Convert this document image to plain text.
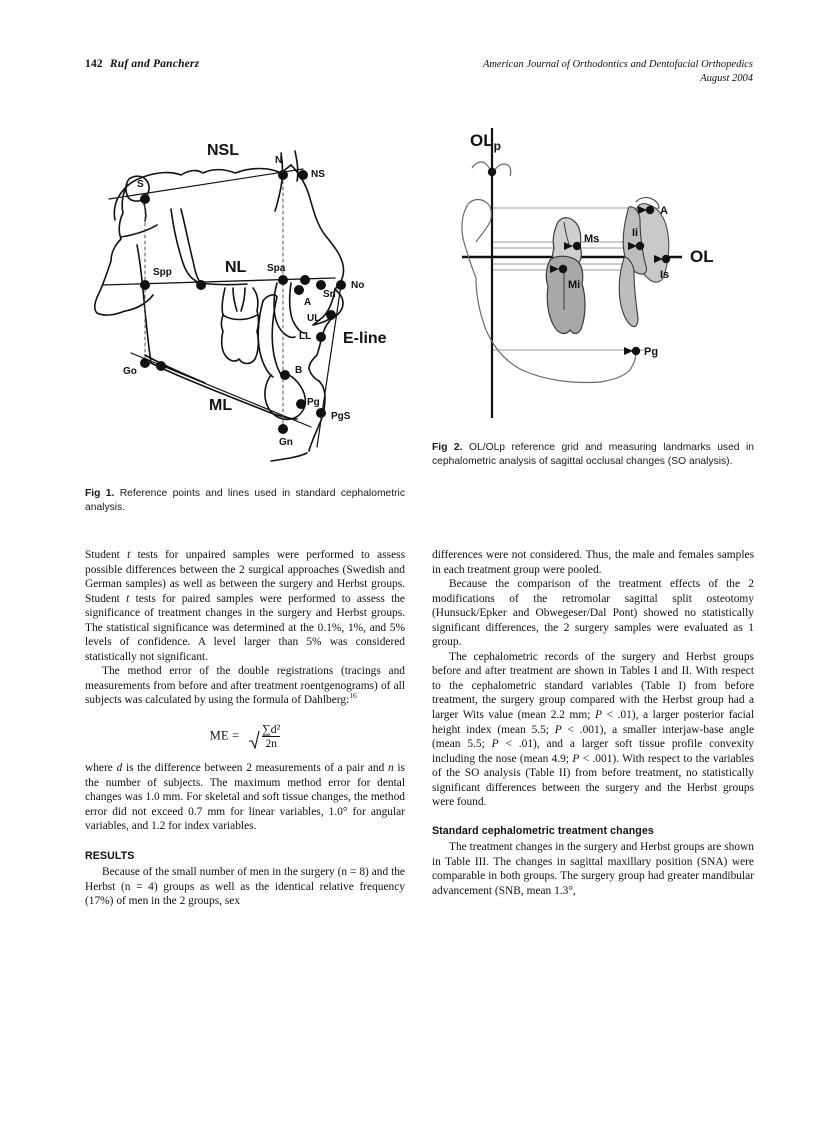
142 Ruf and Pancherz	American Journal of Orthodontics and Dentofacial Orthopedics
August 2004
S
N
NS
NSL
Spp	NL Spa
Sn
A
No
UL
LL E-line
Go
ML
B
Pg
PgS
Gn
Fig 1. Reference points and lines used in standard cephalometric analysis.
$OL_p$
OL
A
Ms
Mi
Ii
Is
Pg
Fig 2. OL/OLp reference grid and measuring landmarks used in cephalometric analysis of sagittal occlusal changes (SO analysis).

Student t tests for unpaired samples were performed to assess possible differences between the 2 surgical approaches (Swedish and German samples) as well as between the surgery and Herbst groups. Student t tests for paired samples were performed to assess the significance of treatment changes in the surgery and Herbst groups. The statistical significance was determined at the 0.1%, 1%, and 5% levels of confidence. A level larger than 5% was considered statistically not significant.

The method error of the double registrations (tracings and measurements from before and after treatment roentgenograms) of all subjects was calculated by using the formula of Dahlberg:$^{16}$

ME = $\frac{\text{∑d²}}{2n}$

where d is the difference between 2 measurements of a pair and n is the number of subjects. The maximum method error for dental changes was 1.0 mm. For skeletal and soft tissue changes, the method error did not exceed 0.7 mm for linear variables, 1.0° for angular variables, and 1.2 for index variables.

RESULTS

Because of the small number of men in the surgery (n = 8) and the Herbst (n = 4) groups as well as the identical relative frequency (17%) of men in the 2 groups, sex

differences were not considered. Thus, the male and females samples in each treatment group were pooled.

Because the comparison of the treatment effects of the 2 modifications of the retromolar sagittal split osteotomy (Hunsuck/Epker and Obwegeser/Dal Pont) showed no statistically significant differences, the 2 surgery samples were evaluated as 1 group.

The cephalometric records of the surgery and Herbst groups before and after treatment are shown in Tables I and II. With respect to the cephalometric standard variables (Table I) from before treatment, the surgery group compared with the Herbst group had a larger Wits value (mean 2.2 mm; P < .01), a larger posterior facial height index (mean 5.5; P < .001), a smaller interjaw-base angle (mean 5.5; P < .01), and a larger soft tissue profile convexity including the nose (mean 4.9; P < .001). With respect to the variables of the SO analysis (Table II) from before treatment, no statistically significant differences between the surgery and the Herbst groups were found.

Standard cephalometric treatment changes

The treatment changes in the surgery and Herbst groups are shown in Table III. The changes in sagittal maxillary position (SNA) were comparable in both groups. The surgery group had greater mandibular advancement (SNB, mean 1.3°,
